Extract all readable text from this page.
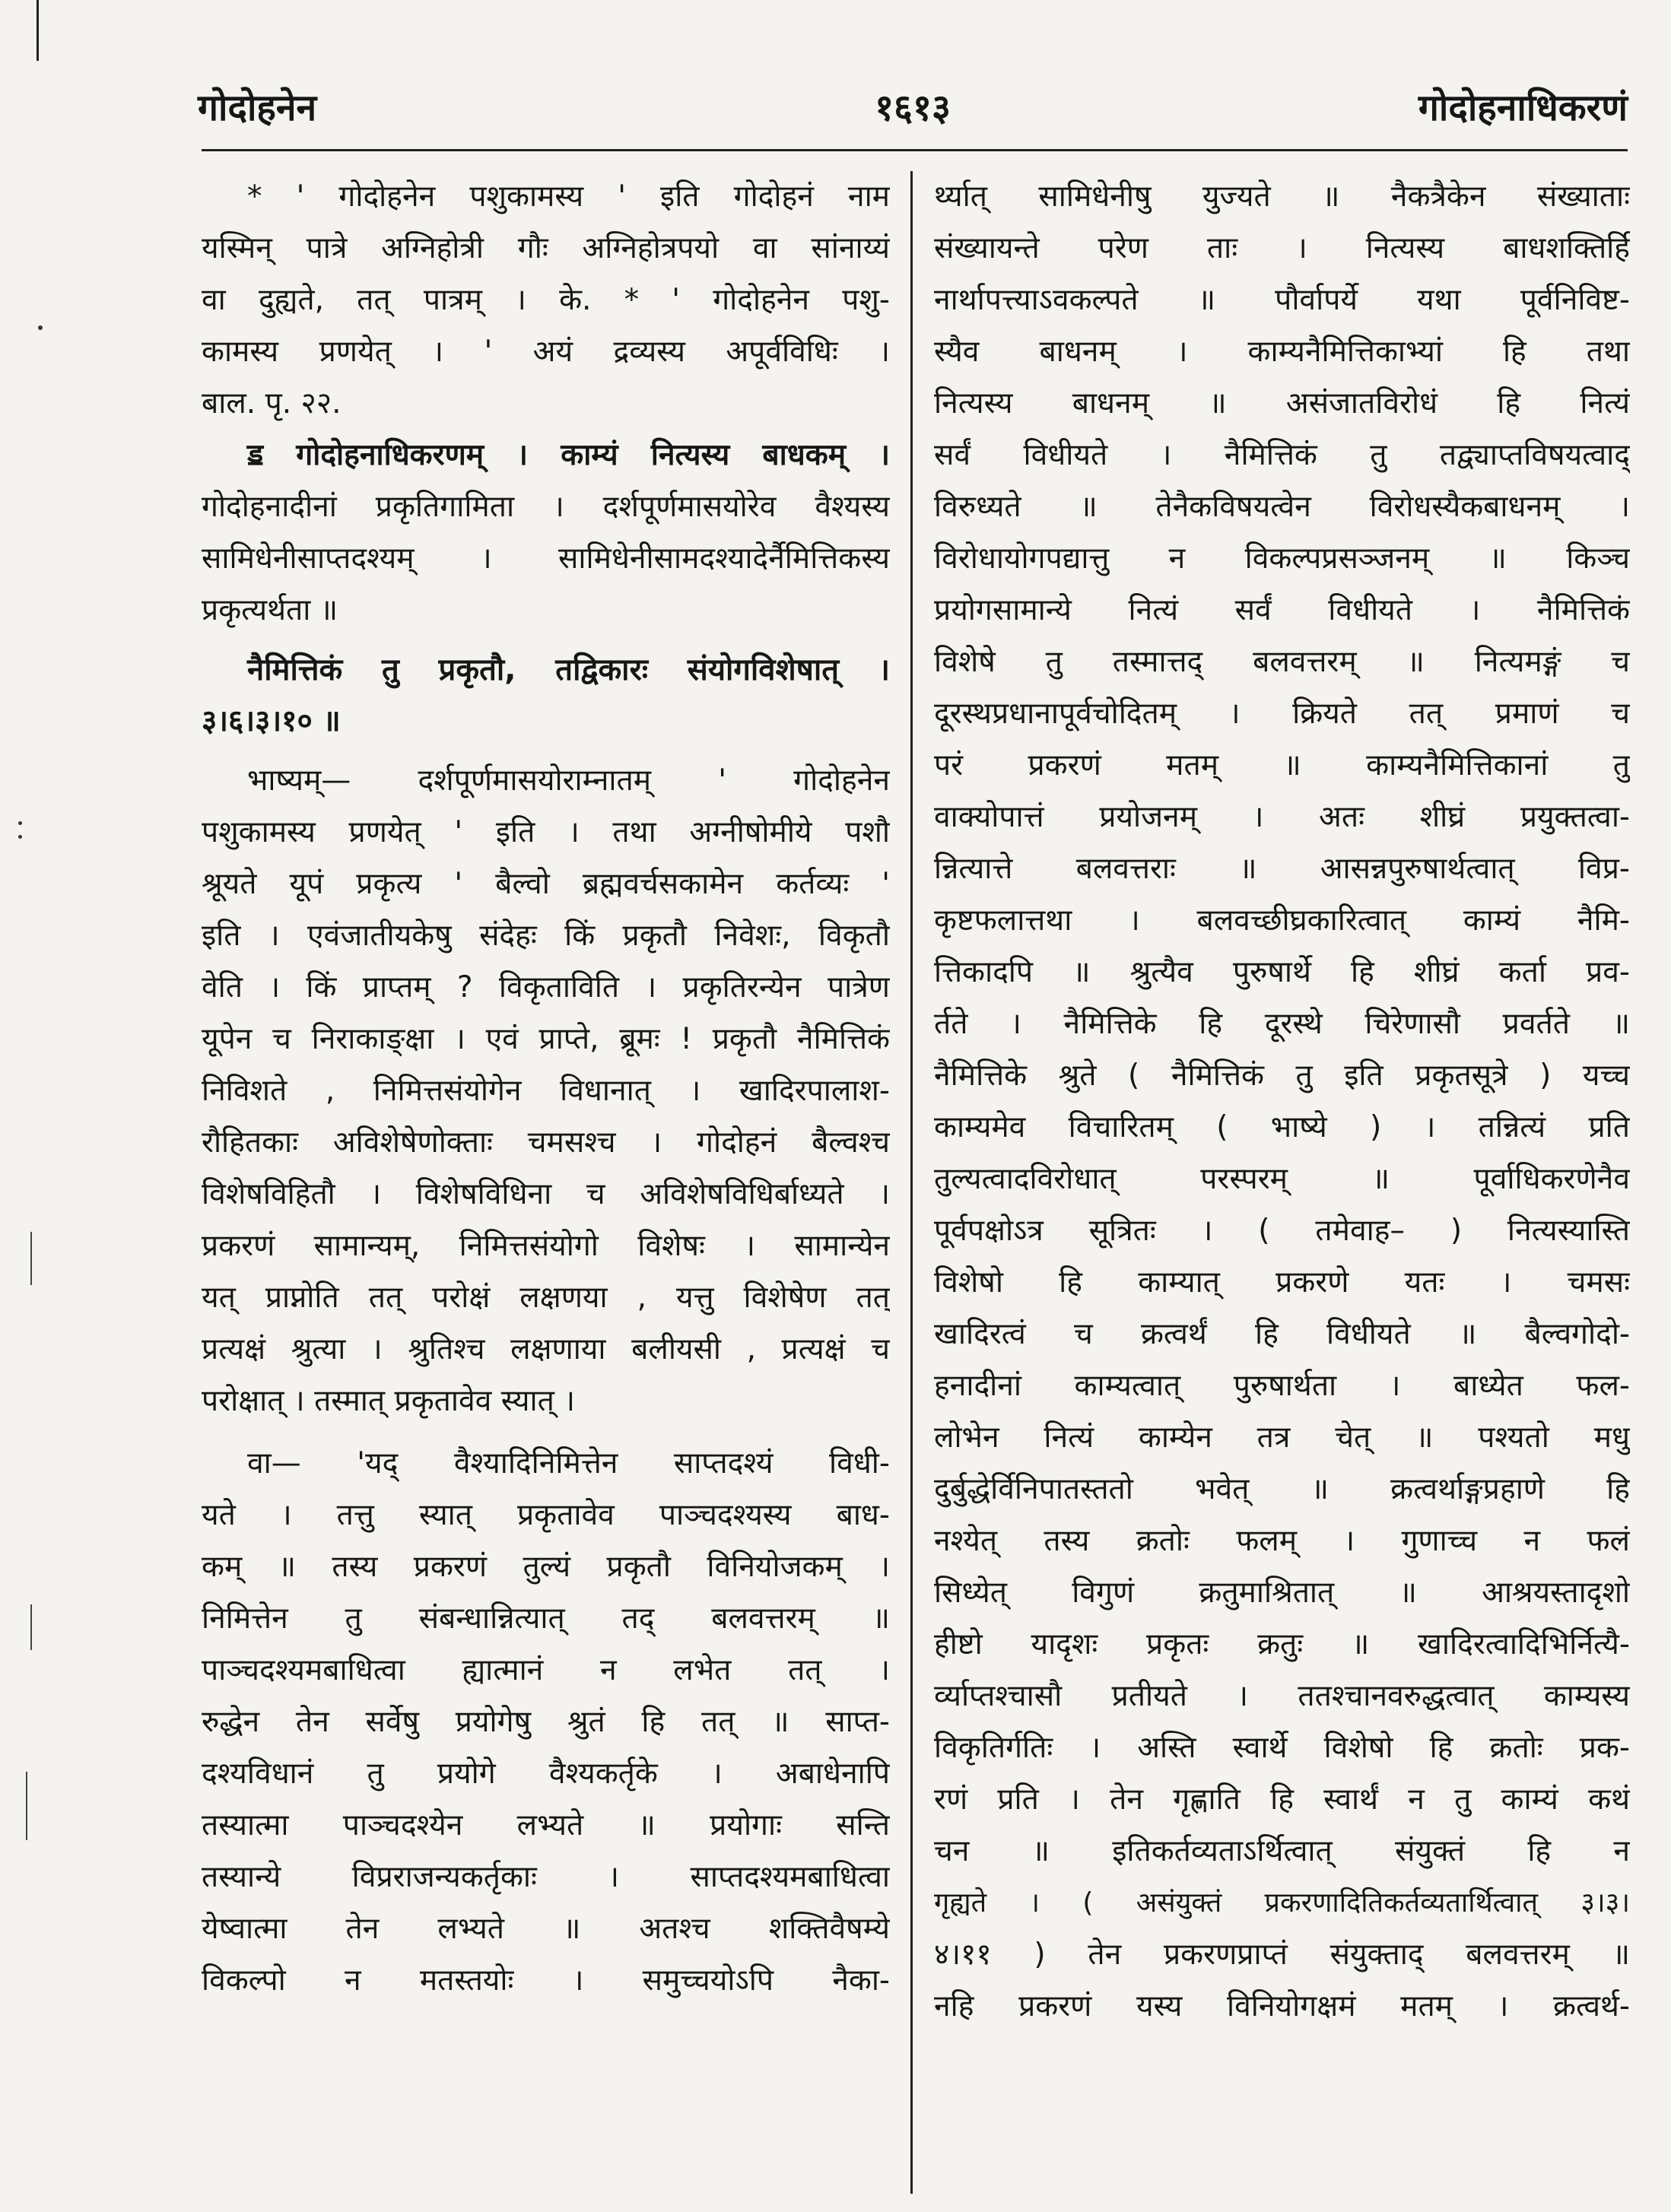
गोदोहनेन	१६१३	गोदोहनाधिकरणं
* ' गोदोहनेन पशुकामस्य ' इति गोदोहनं नाम
यस्मिन् पात्रे अग्निहोत्री गौः अग्निहोत्रपयो वा सांनाय्यं
वा दुह्यते, तत् पात्रम् । के. * ' गोदोहनेन पशु-
कामस्य प्रणयेत् । ' अयं द्रव्यस्य अपूर्वविधिः ।
बाल. पृ. २२.
ॾ गोदोहनाधिकरणम् । काम्यं नित्यस्य बाधकम् ।
गोदोहनादीनां प्रकृतिगामिता । दर्शपूर्णमासयोरेव वैश्यस्य
सामिधेनीसाप्तदश्यम् । सामिधेनीसामदश्यादेर्नैमित्तिकस्य
प्रकृत्यर्थता ॥
नैमित्तिकं तु प्रकृतौ, तद्विकारः संयोगविशेषात् ।
३।६।३।१० ॥
भाष्यम्— दर्शपूर्णमासयोराम्नातम् ' गोदोहनेन
पशुकामस्य प्रणयेत् ' इति । तथा अग्नीषोमीये पशौ
श्रूयते यूपं प्रकृत्य ' बैल्वो ब्रह्मवर्चसकामेन कर्तव्यः '
इति । एवंजातीयकेषु संदेहः किं प्रकृतौ निवेशः, विकृतौ
वेति । किं प्राप्तम् ? विकृताविति । प्रकृतिरन्येन पात्रेण
यूपेन च निराकाङ्क्षा । एवं प्राप्ते, ब्रूमः ! प्रकृतौ नैमित्तिकं
निविशते , निमित्तसंयोगेन विधानात् । खादिरपालाश-
रौहितकाः अविशेषेणोक्ताः चमसश्च । गोदोहनं बैल्वश्च
विशेषविहितौ । विशेषविधिना च अविशेषविधिर्बाध्यते ।
प्रकरणं सामान्यम्, निमित्तसंयोगो विशेषः । सामान्येन
यत् प्राप्नोति तत् परोक्षं लक्षणया , यत्तु विशेषेण तत्
प्रत्यक्षं श्रुत्या । श्रुतिश्च लक्षणाया बलीयसी , प्रत्यक्षं च
परोक्षात् । तस्मात् प्रकृतावेव स्यात् ।
वा— 'यद् वैश्यादिनिमित्तेन साप्तदश्यं विधी-
यते । तत्तु स्यात् प्रकृतावेव पाञ्चदश्यस्य बाध-
कम् ॥ तस्य प्रकरणं तुल्यं प्रकृतौ विनियोजकम् ।
निमित्तेन तु संबन्धान्नित्यात् तद् बलवत्तरम् ॥
पाञ्चदश्यमबाधित्वा ह्यात्मानं न लभेत तत् ।
रुद्धेन तेन सर्वेषु प्रयोगेषु श्रुतं हि तत् ॥ साप्त-
दश्यविधानं तु प्रयोगे वैश्यकर्तृके । अबाधेनापि
तस्यात्मा पाञ्चदश्येन लभ्यते ॥ प्रयोगाः सन्ति
तस्यान्ये विप्रराजन्यकर्तृकाः । साप्तदश्यमबाधित्वा
येष्वात्मा तेन लभ्यते ॥ अतश्च शक्तिवैषम्ये
विकल्पो न मतस्तयोः । समुच्चयोऽपि नैका-
र्थ्यात् सामिधेनीषु युज्यते ॥ नैकत्रैकेन संख्याताः
संख्यायन्ते परेण ताः । नित्यस्य बाधशक्तिर्हि
नार्थापत्त्याऽवकल्पते ॥ पौर्वापर्ये यथा पूर्वनिविष्ट-
स्यैव बाधनम् । काम्यनैमित्तिकाभ्यां हि तथा
नित्यस्य बाधनम् ॥ असंजातविरोधं हि नित्यं
सर्वं विधीयते । नैमित्तिकं तु तद्व्याप्तविषयत्वाद्
विरुध्यते ॥ तेनैकविषयत्वेन विरोधस्यैकबाधनम् ।
विरोधायोगपद्यात्तु न विकल्पप्रसञ्जनम् ॥ किञ्च
प्रयोगसामान्ये नित्यं सर्वं विधीयते । नैमित्तिकं
विशेषे तु तस्मात्तद् बलवत्तरम् ॥ नित्यमङ्गं च
दूरस्थप्रधानापूर्वचोदितम् । क्रियते तत् प्रमाणं च
परं प्रकरणं मतम् ॥ काम्यनैमित्तिकानां तु
वाक्योपात्तं प्रयोजनम् । अतः शीघ्रं प्रयुक्तत्वा-
न्नित्यात्ते बलवत्तराः ॥ आसन्नपुरुषार्थत्वात् विप्र-
कृष्टफलात्तथा । बलवच्छीघ्रकारित्वात् काम्यं नैमि-
त्तिकादपि ॥ श्रुत्यैव पुरुषार्थे हि शीघ्रं कर्ता प्रव-
र्तते । नैमित्तिके हि दूरस्थे चिरेणासौ प्रवर्तते ॥
नैमित्तिके श्रुते ( नैमित्तिकं तु इति प्रकृतसूत्रे ) यच्च
काम्यमेव विचारितम् ( भाष्ये ) । तन्नित्यं प्रति
तुल्यत्वादविरोधात् परस्परम् ॥ पूर्वाधिकरणेनैव
पूर्वपक्षोऽत्र सूत्रितः । ( तमेवाह– ) नित्यस्यास्ति
विशेषो हि काम्यात् प्रकरणे यतः । चमसः
खादिरत्वं च क्रत्वर्थं हि विधीयते ॥ बैल्वगोदो-
हनादीनां काम्यत्वात् पुरुषार्थता । बाध्येत फल-
लोभेन नित्यं काम्येन तत्र चेत् ॥ पश्यतो मधु
दुर्बुद्धेर्विनिपातस्ततो भवेत् ॥ क्रत्वर्थाङ्गप्रहाणे हि
नश्येत् तस्य क्रतोः फलम् । गुणाच्च न फलं
सिध्येत् विगुणं क्रतुमाश्रितात् ॥ आश्रयस्तादृशो
हीष्टो यादृशः प्रकृतः क्रतुः ॥ खादिरत्वादिभिर्नित्यै-
र्व्याप्तश्चासौ प्रतीयते । ततश्चानवरुद्धत्वात् काम्यस्य
विकृतिर्गतिः । अस्ति स्वार्थे विशेषो हि क्रतोः प्रक-
रणं प्रति । तेन गृह्णाति हि स्वार्थं न तु काम्यं कथं
चन ॥ इतिकर्तव्यताऽर्थित्वात् संयुक्तं हि न
गृह्यते । ( असंयुक्तं प्रकरणादितिकर्तव्यतार्थित्वात् ३।३।
४।११ ) तेन प्रकरणप्राप्तं संयुक्ताद् बलवत्तरम् ॥
नहि प्रकरणं यस्य विनियोगक्षमं मतम् । क्रत्वर्थ-
